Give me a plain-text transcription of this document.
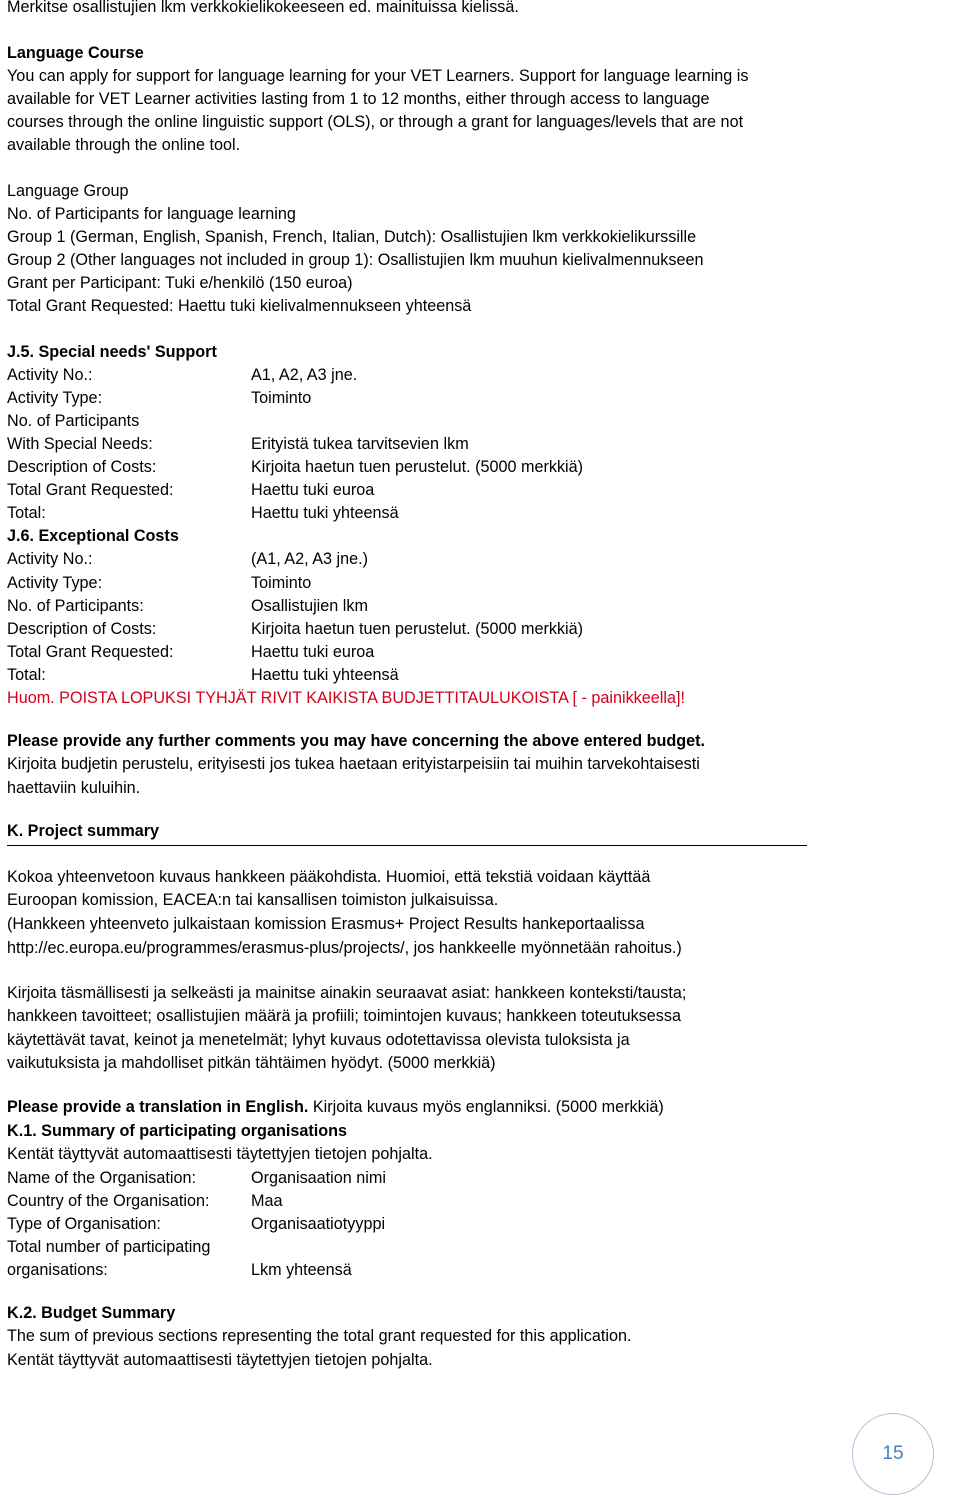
Merkitse osallistujien lkm verkkokielikokeeseen ed. mainituissa kielissä.
Language Course
You can apply for support for language learning for your VET Learners. Support for language learning is
available for VET Learner activities lasting from 1 to 12 months, either through access to language
courses through the online linguistic support (OLS), or through a grant for languages/levels that are not
available through the online tool.
Language Group
No. of Participants for language learning
Group 1 (German, English, Spanish, French, Italian, Dutch): Osallistujien lkm verkkokielikurssille
Group 2 (Other languages not included in group 1): Osallistujien lkm muuhun kielivalmennukseen
Grant per Participant: Tuki e/henkilö (150 euroa)
Total Grant Requested: Haettu tuki kielivalmennukseen yhteensä
J.5. Special needs' Support
Activity No.:	A1, A2, A3 jne.
Activity Type:	Toiminto
No. of Participants
With Special Needs:	Erityistä tukea tarvitsevien lkm
Description of Costs:	Kirjoita haetun tuen perustelut. (5000 merkkiä)
Total Grant Requested:	Haettu tuki euroa
Total:	Haettu tuki yhteensä
J.6. Exceptional Costs
Activity No.:	(A1, A2, A3 jne.)
Activity Type:	Toiminto
No. of Participants:	Osallistujien lkm
Description of Costs:	Kirjoita haetun tuen perustelut. (5000 merkkiä)
Total Grant Requested:	Haettu tuki euroa
Total:	Haettu tuki yhteensä
Huom. POISTA LOPUKSI TYHJÄT RIVIT KAIKISTA BUDJETTITAULUKOISTA [ - painikkeella]!
Please provide any further comments you may have concerning the above entered budget.
Kirjoita budjetin perustelu, erityisesti jos tukea haetaan erityistarpeisiin tai muihin tarvekohtaisesti
haettaviin kuluihin.
K. Project summary
Kokoa yhteenvetoon kuvaus hankkeen pääkohdista. Huomioi, että tekstiä voidaan käyttää
Euroopan komission, EACEA:n tai kansallisen toimiston julkaisuissa.
(Hankkeen yhteenveto julkaistaan komission Erasmus+ Project Results hankeportaalissa
http://ec.europa.eu/programmes/erasmus-plus/projects/, jos hankkeelle myönnetään rahoitus.)
Kirjoita täsmällisesti ja selkeästi ja mainitse ainakin seuraavat asiat: hankkeen konteksti/tausta;
hankkeen tavoitteet; osallistujien määrä ja profiili; toimintojen kuvaus; hankkeen toteutuksessa
käytettävät tavat, keinot ja menetelmät; lyhyt kuvaus odotettavissa olevista tuloksista ja
vaikutuksista ja mahdolliset pitkän tähtäimen hyödyt. (5000 merkkiä)
Please provide a translation in English. Kirjoita kuvaus myös englanniksi. (5000 merkkiä)
K.1. Summary of participating organisations
Kentät täyttyvät automaattisesti täytettyjen tietojen pohjalta.
Name of the Organisation:	Organisaation nimi
Country of the Organisation:	Maa
Type of Organisation:	Organisaatiotyyppi
Total number of participating
organisations:	Lkm yhteensä
K.2. Budget Summary
The sum of previous sections representing the total grant requested for this application.
Kentät täyttyvät automaattisesti täytettyjen tietojen pohjalta.
15
